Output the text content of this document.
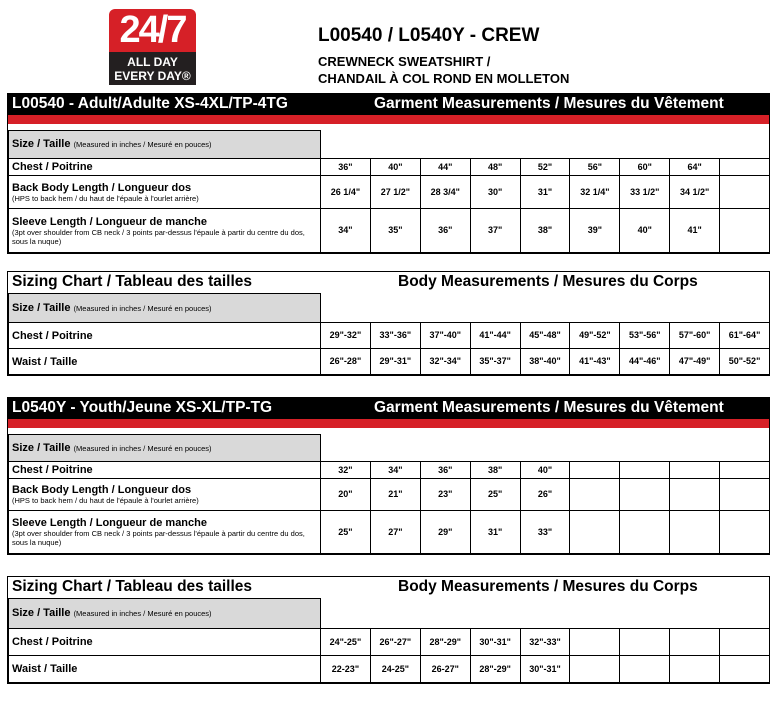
24/7
ALL DAY
EVERY DAY®
L00540 / L0540Y - CREW
CREWNECK SWEATSHIRT /
CHANDAIL À COL ROND EN MOLLETON
L00540 - Adult/Adulte XS-4XL/TP-4TG	Garment Measurements / Mesures du Vêtement
Size / Taille (Measured in inches / Mesuré en pouces)									
Chest / Poitrine	36"	40"	44"	48"	52"	56"	60"	64"	

Back Body Length / Longueur dos
(HPS to back hem / du haut de l'épaule à l'ourlet arrière)	26 1/4"	27 1/2"	28 3/4"	30"	31"	32 1/4"	33 1/2"	34 1/2"	

Sleeve Length / Longueur de manche
(3pt over shoulder from CB neck / 3 points par-dessus l'épaule à partir du centre du dos, sous la nuque)	34"	35"	36"	37"	38"	39"	40"	41"	

Sizing Chart / Tableau des tailles	Body Measurements / Mesures du Corps
Size / Taille (Measured in inches / Mesuré en pouces)									
Chest / Poitrine	29"-32"	33"-36"	37"-40"	41"-44"	45"-48"	49"-52"	53"-56"	57"-60"	61"-64"

Waist / Taille	26"-28"	29"-31"	32"-34"	35"-37"	38"-40"	41"-43"	44"-46"	47"-49"	50"-52"
L0540Y - Youth/Jeune XS-XL/TP-TG	Garment Measurements / Mesures du Vêtement
Size / Taille (Measured in inches / Mesuré en pouces)									
Chest / Poitrine	32"	34"	36"	38"	40"				

Back Body Length / Longueur dos
(HPS to back hem / du haut de l'épaule à l'ourlet arrière)	20"	21"	23"	25"	26"				

Sleeve Length / Longueur de manche
(3pt over shoulder from CB neck / 3 points par-dessus l'épaule à partir du centre du dos, sous la nuque)	25"	27"	29"	31"	33"				

Sizing Chart / Tableau des tailles	Body Measurements / Mesures du Corps
Size / Taille (Measured in inches / Mesuré en pouces)									
Chest / Poitrine	24"-25"	26"-27"	28"-29"	30"-31"	32"-33"				

Waist / Taille	22-23"	24-25"	26-27"	28"-29"	30"-31"				
